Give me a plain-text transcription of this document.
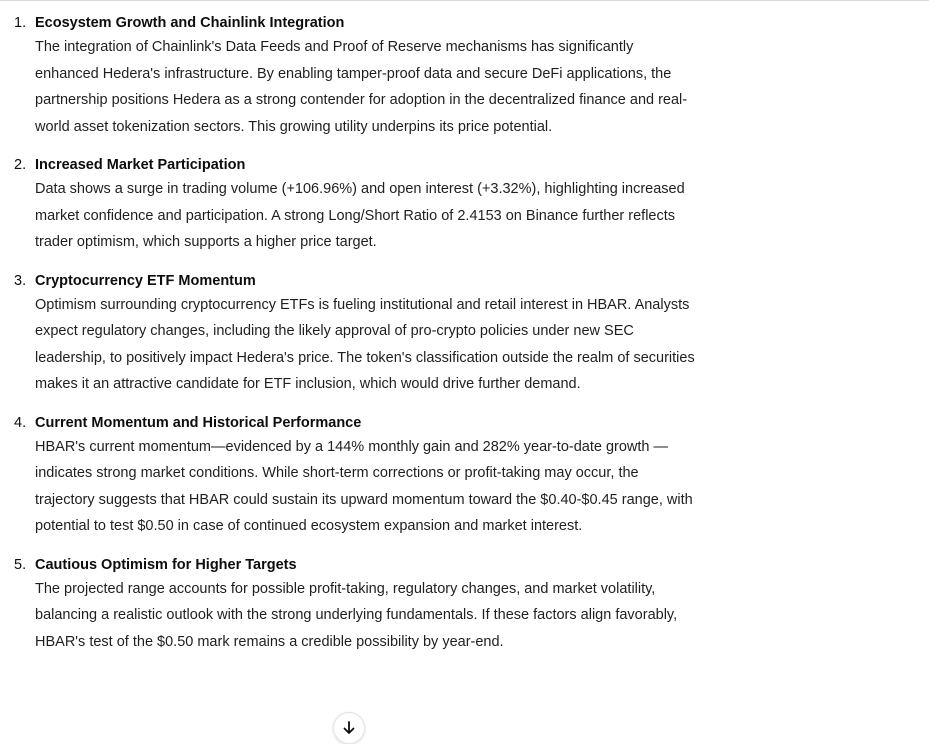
1. Ecosystem Growth and Chainlink Integration
The integration of Chainlink's Data Feeds and Proof of Reserve mechanisms has significantly enhanced Hedera's infrastructure. By enabling tamper-proof data and secure DeFi applications, the partnership positions Hedera as a strong contender for adoption in the decentralized finance and real-world asset tokenization sectors. This growing utility underpins its price potential.
2. Increased Market Participation
Data shows a surge in trading volume (+106.96%) and open interest (+3.32%), highlighting increased market confidence and participation. A strong Long/Short Ratio of 2.4153 on Binance further reflects trader optimism, which supports a higher price target.
3. Cryptocurrency ETF Momentum
Optimism surrounding cryptocurrency ETFs is fueling institutional and retail interest in HBAR. Analysts expect regulatory changes, including the likely approval of pro-crypto policies under new SEC leadership, to positively impact Hedera's price. The token's classification outside the realm of securities makes it an attractive candidate for ETF inclusion, which would drive further demand.
4. Current Momentum and Historical Performance
HBAR's current momentum—evidenced by a 144% monthly gain and 282% year-to-date growth —indicates strong market conditions. While short-term corrections or profit-taking may occur, the trajectory suggests that HBAR could sustain its upward momentum toward the $0.40-$0.45 range, with potential to test $0.50 in case of continued ecosystem expansion and market interest.
5. Cautious Optimism for Higher Targets
The projected range accounts for possible profit-taking, regulatory changes, and market volatility, balancing a realistic outlook with the strong underlying fundamentals. If these factors align favorably, HBAR's test of the $0.50 mark remains a credible possibility by year-end.
